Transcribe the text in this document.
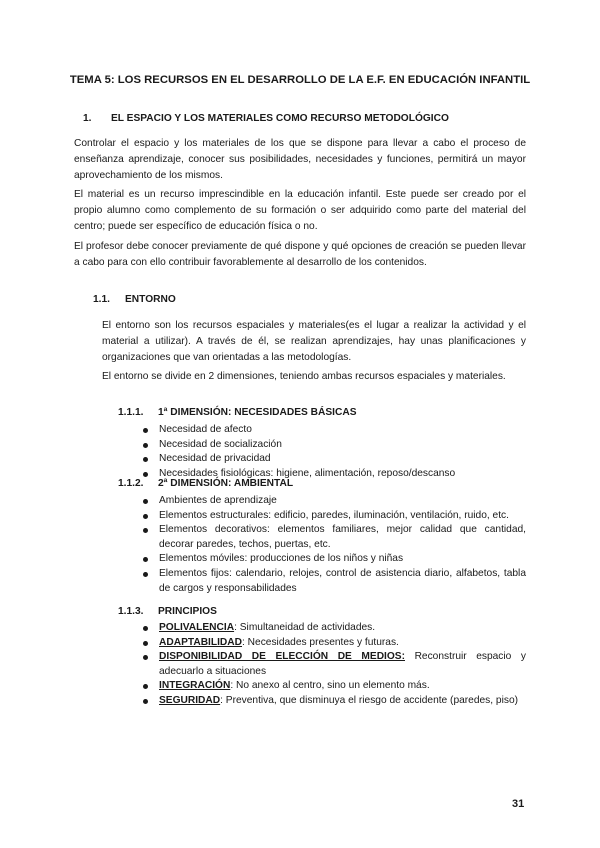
TEMA 5: LOS RECURSOS EN EL DESARROLLO DE LA E.F. EN EDUCACIÓN INFANTIL
1. EL ESPACIO Y LOS MATERIALES COMO RECURSO METODOLÓGICO

Controlar el espacio y los materiales de los que se dispone para llevar a cabo el proceso de enseñanza aprendizaje, conocer sus posibilidades, necesidades y funciones, permitirá un mayor aprovechamiento de los mismos.

El material es un recurso imprescindible en la educación infantil. Este puede ser creado por el propio alumno como complemento de su formación o ser adquirido como parte del material del centro; puede ser específico de educación física o no.

El profesor debe conocer previamente de qué dispone y qué opciones de creación se pueden llevar a cabo para con ello contribuir favorablemente al desarrollo de los contenidos.

1.1. ENTORNO

El entorno son los recursos espaciales y materiales(es el lugar a realizar la actividad y el material a utilizar). A través de él, se realizan aprendizajes, hay unas planificaciones y organizaciones que van orientadas a las metodologías.

El entorno se divide en 2 dimensiones, teniendo ambas recursos espaciales y materiales.

1.1.1. 1ª DIMENSIÓN: NECESIDADES BÁSICAS
Necesidad de afecto
Necesidad de socialización
Necesidad de privacidad
Necesidades fisiológicas: higiene, alimentación, reposo/descanso
1.1.2. 2ª DIMENSIÓN: AMBIENTAL
Ambientes de aprendizaje
Elementos estructurales: edificio, paredes, iluminación, ventilación, ruido, etc.
Elementos decorativos: elementos familiares, mejor calidad que cantidad, decorar paredes, techos, puertas, etc.
Elementos móviles: producciones de los niños y niñas
Elementos fijos: calendario, relojes, control de asistencia diario, alfabetos, tabla de cargos y responsabilidades
1.1.3. PRINCIPIOS
POLIVALENCIA: Simultaneidad de actividades.
ADAPTABILIDAD: Necesidades presentes y futuras.
DISPONIBILIDAD DE ELECCIÓN DE MEDIOS: Reconstruir espacio y adecuarlo a situaciones
INTEGRACIÓN: No anexo al centro, sino un elemento más.
SEGURIDAD: Preventiva, que disminuya el riesgo de accidente (paredes, piso)
31
